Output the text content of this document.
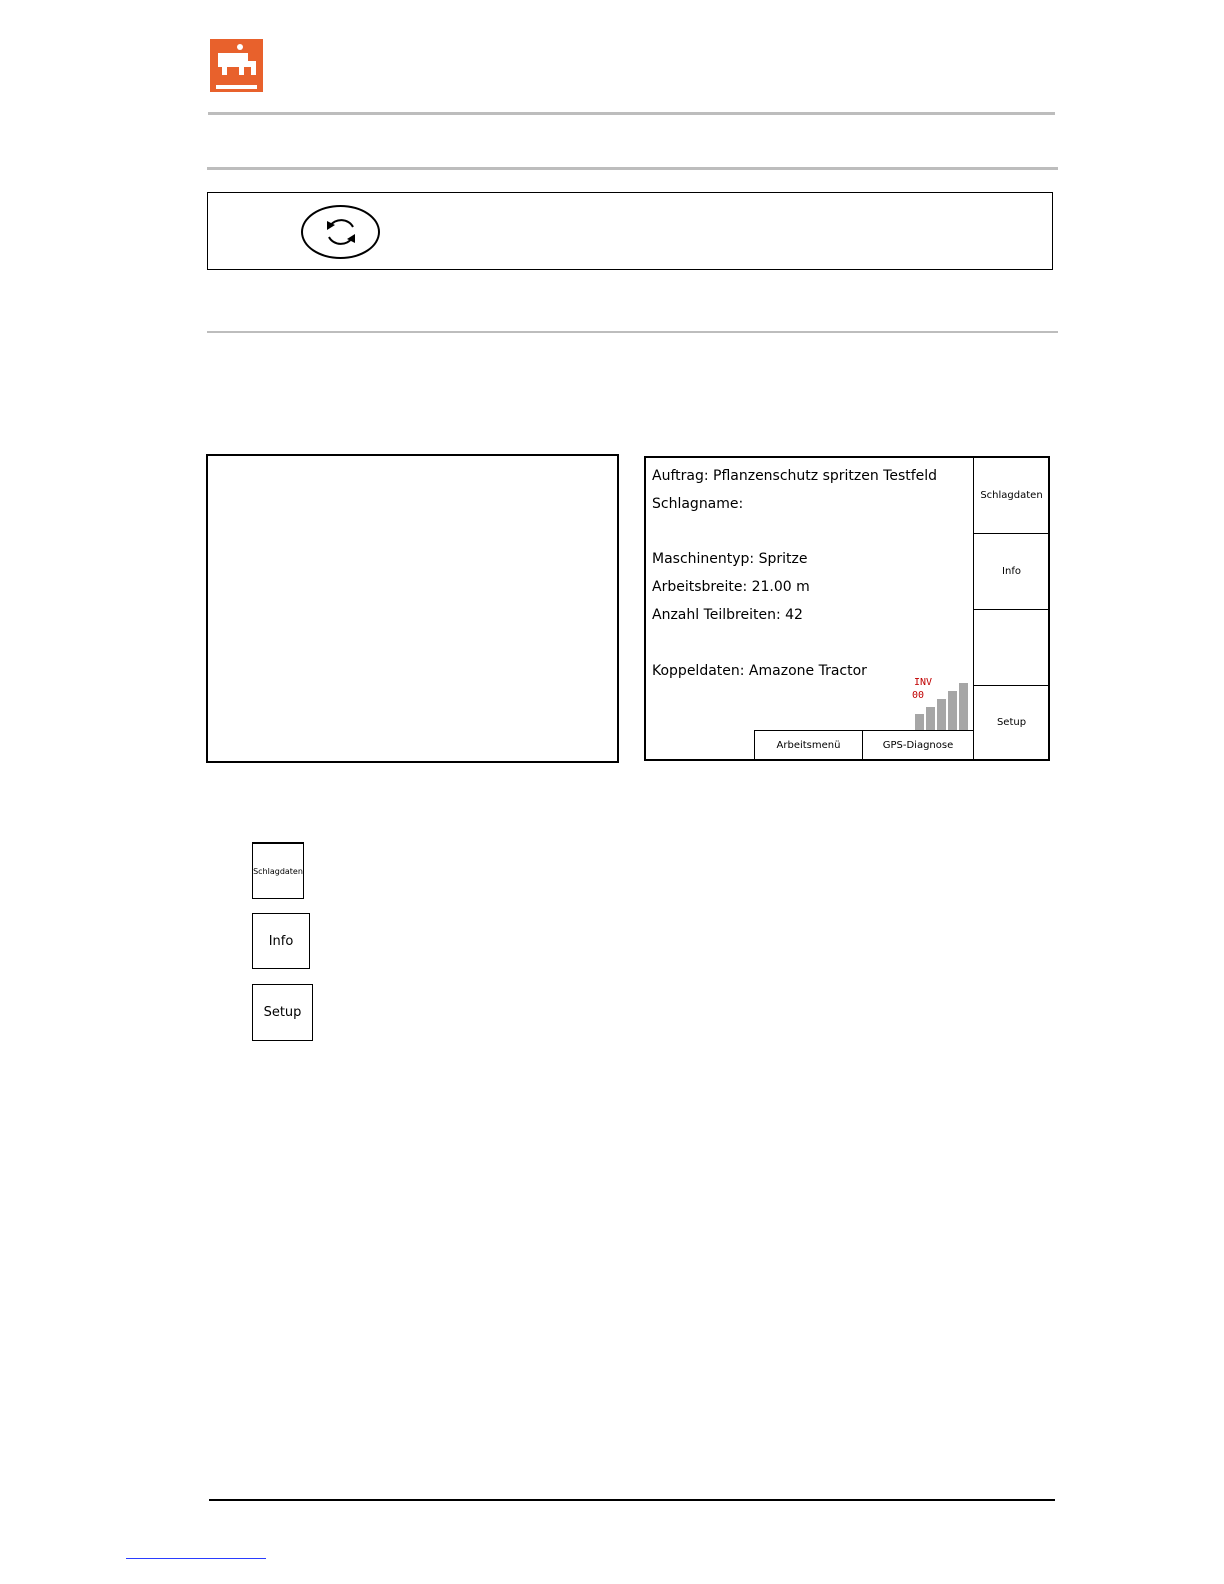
Auftrag: Pflanzenschutz spritzen Testfeld
Schlagname:
Maschinentyp: Spritze
Arbeitsbreite: 21.00 m
Anzahl Teilbreiten: 42
Koppeldaten: Amazone Tractor
INV
00
Arbeitsmenü	GPS-Diagnose
Schlagdaten
Info
Setup
Schlagdaten
Info
Setup
